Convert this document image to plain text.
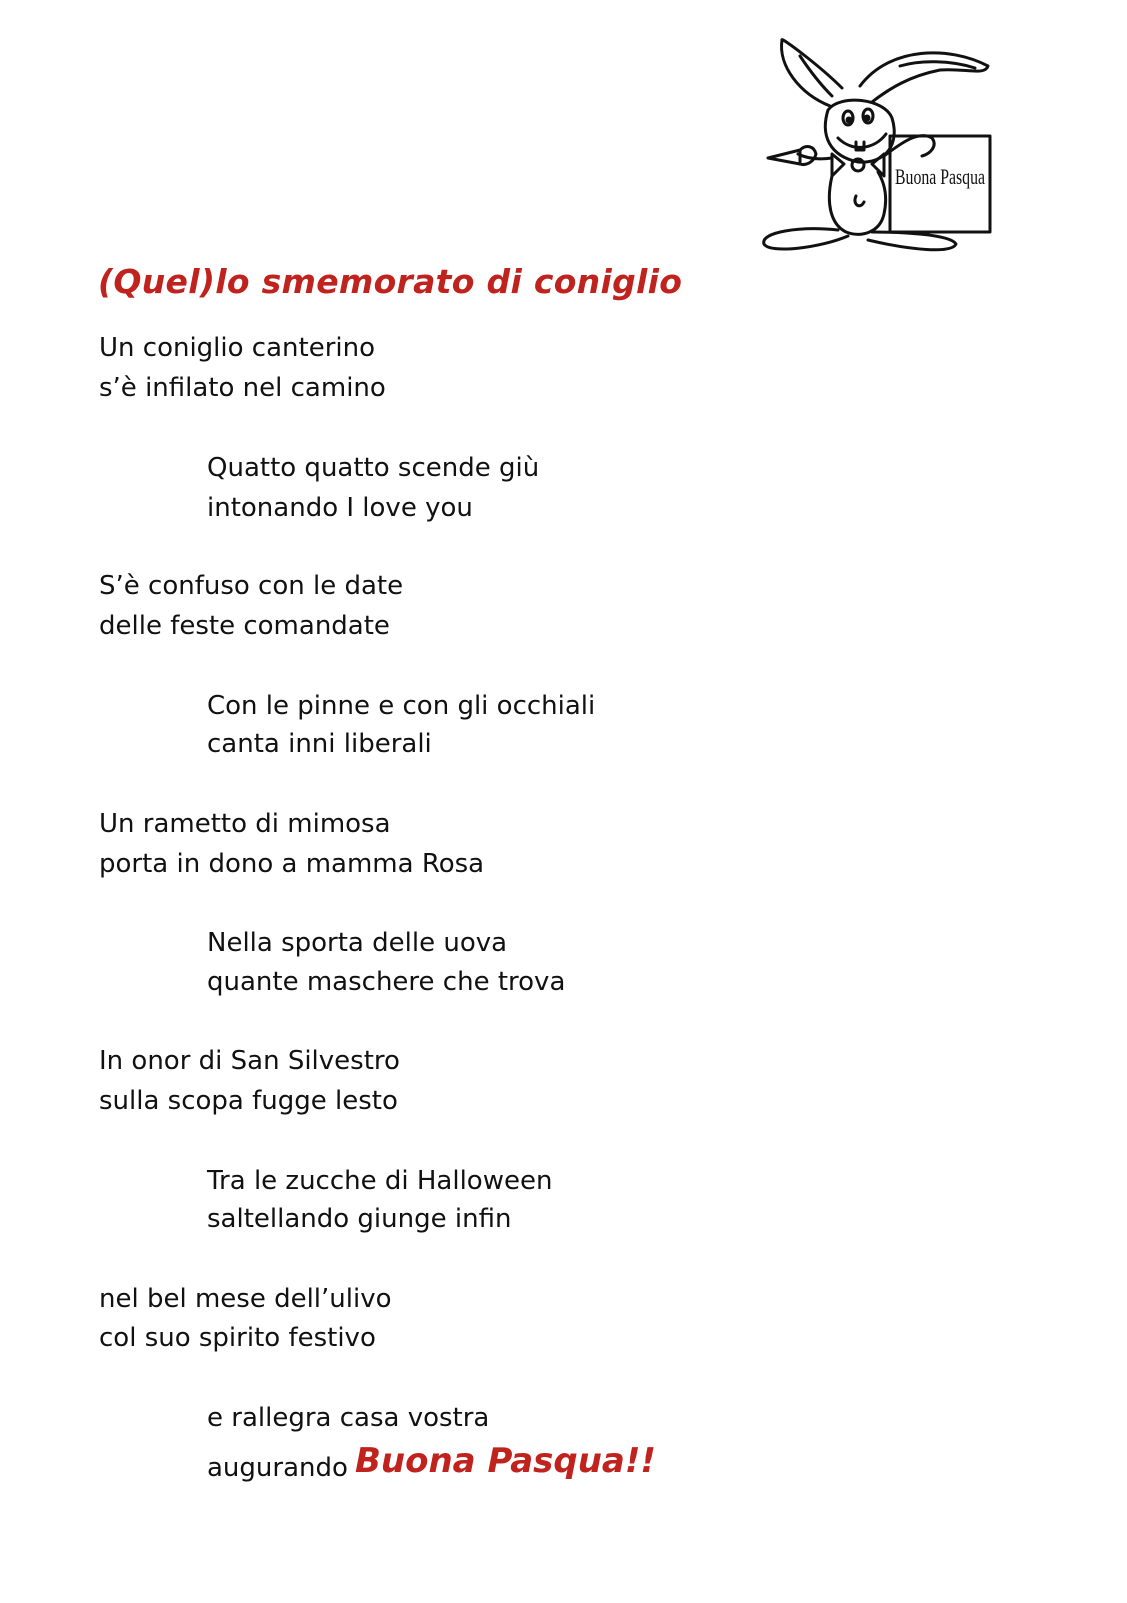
Buona Pasqua
(Quel)lo smemorato di coniglio

Un coniglio canterino

s’è infilato nel camino

Quatto quatto scende giù

intonando I love you

S’è confuso con le date

delle feste comandate

Con le pinne e con gli occhiali

canta inni liberali

Un rametto di mimosa

porta in dono a mamma Rosa

Nella sporta delle uova

quante maschere che trova

In onor di San Silvestro

sulla scopa fugge lesto

Tra le zucche di Halloween

saltellando giunge infin

nel bel mese dell’ulivo

col suo spirito festivo

e rallegra casa vostra

augurando Buona Pasqua!!
